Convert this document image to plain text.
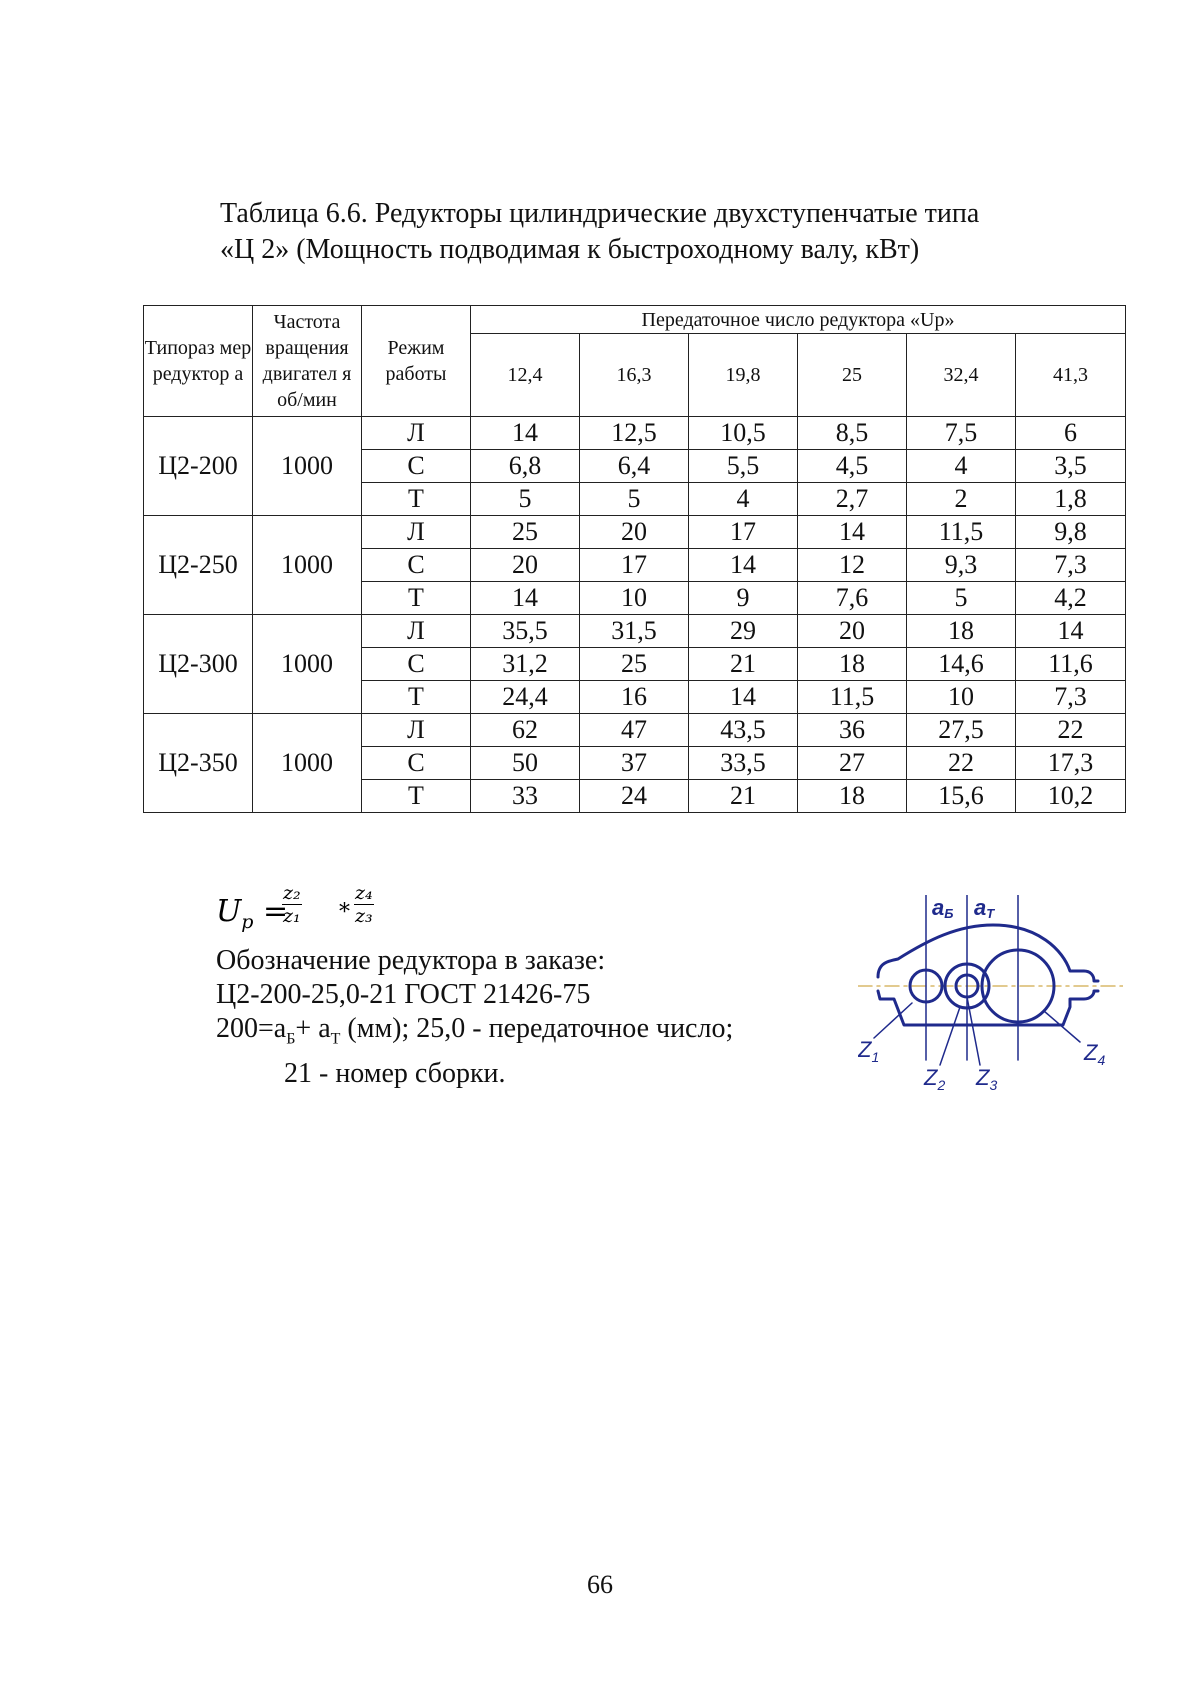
Таблица 6.6. Редукторы цилиндрические двухступенчатые типа
«Ц 2» (Мощность подводимая к быстроходному валу, кВт)
Типораз мер редуктор а	Частота вращения двигател я об/мин	Режим работы	Передаточное число редуктора «Up»					
			12,4	16,3	19,8	25	32,4	41,3
Ц2-200	1000	Л	14	12,5	10,5	8,5	7,5	6
		С	6,8	6,4	5,5	4,5	4	3,5
		Т	5	5	4	2,7	2	1,8
Ц2-250	1000	Л	25	20	17	14	11,5	9,8
		С	20	17	14	12	9,3	7,3
		Т	14	10	9	7,6	5	4,2
Ц2-300	1000	Л	35,5	31,5	29	20	18	14
		С	31,2	25	21	18	14,6	11,6
		Т	24,4	16	14	11,5	10	7,3
Ц2-350	1000	Л	62	47	43,5	36	27,5	22
		С	50	37	33,5	27	22	17,3
		Т	33	24	21	18	15,6	10,2
$U_p$ =
$\frac{\text{z₂}}{\text{z₁}} * \frac{\text{z₄}}{\text{z₃}}$
Обозначение редуктора в заказе:
Ц2-200-25,0-21 ГОСТ 21426-75
$200=а_Б+ а_Т$ (мм); 25,0 - передаточное число;
21 - номер сборки.
aБ aТ
$Z_1$
$Z_2$ $Z_3$
$Z_4$
66
